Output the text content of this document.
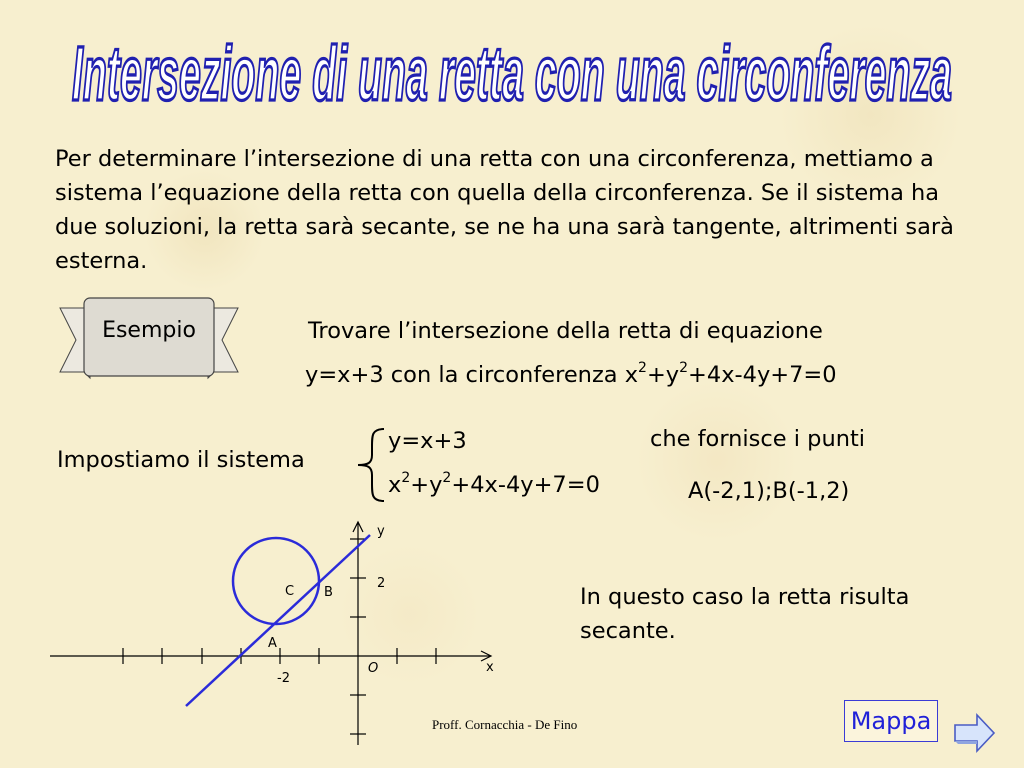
Intersezione di una retta con una circonferenza
Per determinare l’intersezione di una retta con una circonferenza, mettiamo a sistema l’equazione della retta con quella della circonferenza. Se il sistema ha due soluzioni, la retta sarà secante, se ne ha una sarà tangente, altrimenti sarà esterna.
Esempio	Trovare l’intersezione della retta di equazione
y=x+3 con la circonferenza $x^2+y^2+4x-4y+7=0$
Impostiamo il sistema
y=x+3
$x^2+y^2+4x-4y+7=0$
che fornisce i punti
A(-2,1);B(-1,2)
y
x
O
2
-2
A
B
C	In questo caso la retta risulta secante.
Proff. Cornacchia - De Fino	Mappa
